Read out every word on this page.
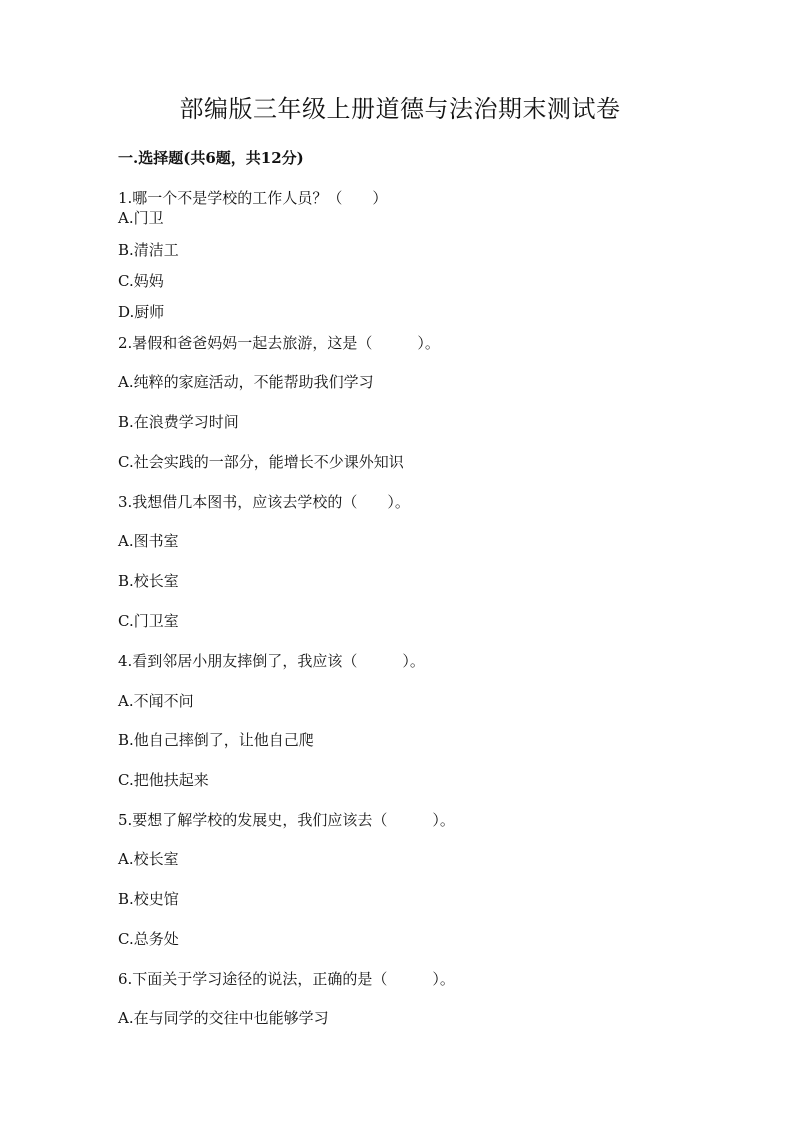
部编版三年级上册道德与法治期末测试卷
一.选择题(共6题，共12分)
1.哪一个不是学校的工作人员？（　　）
A.门卫
B.清洁工
C.妈妈
D.厨师
2.暑假和爸爸妈妈一起去旅游，这是（　　　）。
A.纯粹的家庭活动，不能帮助我们学习
B.在浪费学习时间
C.社会实践的一部分，能增长不少课外知识
3.我想借几本图书，应该去学校的（　　）。
A.图书室
B.校长室
C.门卫室
4.看到邻居小朋友摔倒了，我应该（　　　）。
A.不闻不问
B.他自己摔倒了，让他自己爬
C.把他扶起来
5.要想了解学校的发展史，我们应该去（　　　）。
A.校长室
B.校史馆
C.总务处
6.下面关于学习途径的说法，正确的是（　　　）。
A.在与同学的交往中也能够学习
